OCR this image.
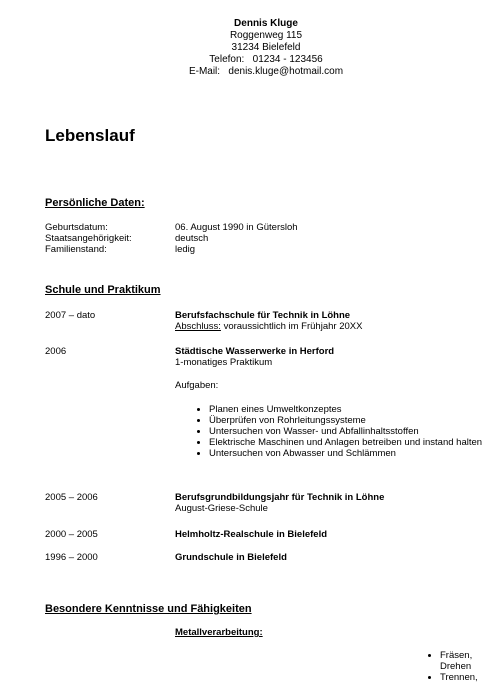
Dennis Kluge
Roggenweg 115
31234 Bielefeld
Telefon:   01234 - 123456
E-Mail:   denis.kluge@hotmail.com
Lebenslauf
Persönliche Daten:
Geburtsdatum:	06. August 1990 in Gütersloh
Staatsangehörigkeit:	deutsch
Familienstand:	ledig
Schule und Praktikum
2007 – dato	Berufsfachschule für Technik in Löhne
Abschluss: voraussichtlich im Frühjahr 20XX
2006	Städtische Wasserwerke in Herford
1-monatiges Praktikum
Aufgaben:
• Planen eines Umweltkonzeptes
• Überprüfen von Rohrleitungssysteme
• Untersuchen von Wasser- und Abfallinhaltsstoffen
• Elektrische Maschinen und Anlagen betreiben und instand halten
• Untersuchen von Abwasser und Schlämmen
2005 – 2006	Berufsgrundbildungsjahr für Technik in Löhne
August-Griese-Schule
2000 – 2005	Helmholtz-Realschule in Bielefeld
1996 – 2000	Grundschule in Bielefeld
Besondere Kenntnisse und Fähigkeiten
Metallverarbeitung:
• Fräsen, Drehen
• Trennen,
